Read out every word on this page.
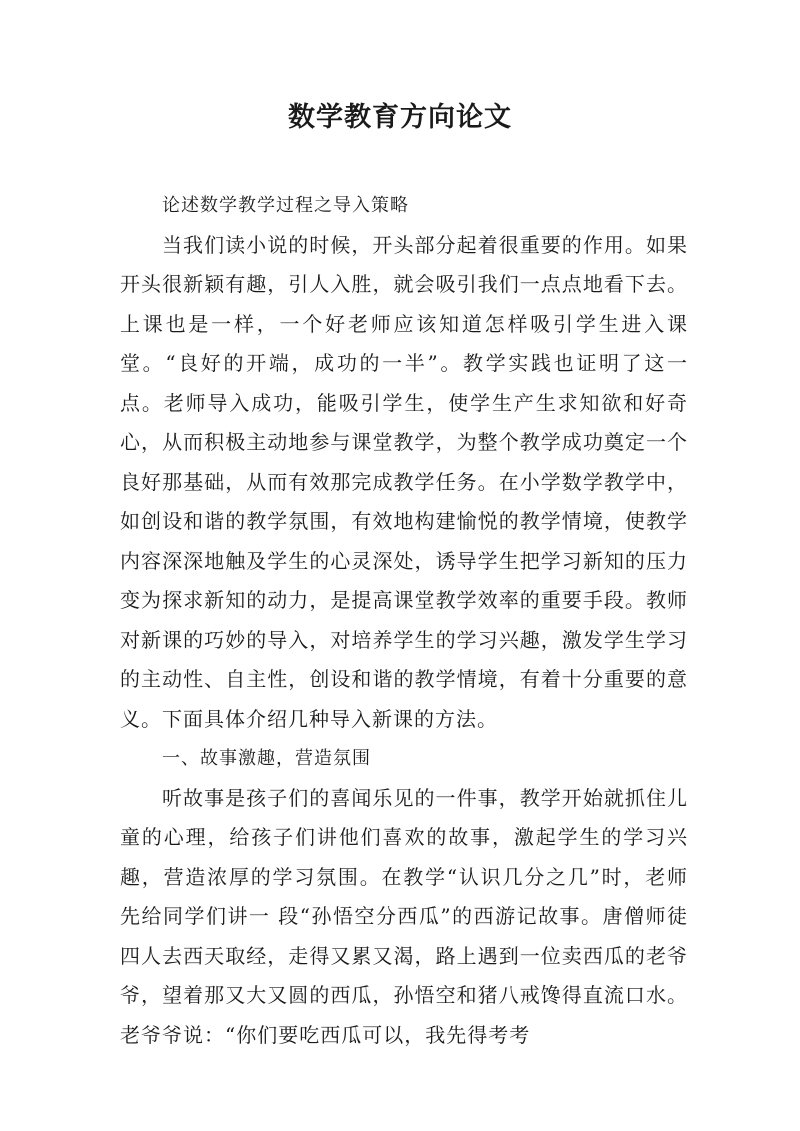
数学教育方向论文

论述数学教学过程之导入策略

当我们读小说的时候，开头部分起着很重要的作用。如果开头很新颖有趣，引人入胜，就会吸引我们一点点地看下去。上课也是一样，一个好老师应该知道怎样吸引学生进入课堂。“良好的开端，成功的一半”。教学实践也证明了这一点。老师导入成功，能吸引学生，使学生产生求知欲和好奇心，从而积极主动地参与课堂教学，为整个教学成功奠定一个良好那基础，从而有效那完成教学任务。在小学数学教学中，如创设和谐的教学氛围，有效地构建愉悦的教学情境，使教学内容深深地触及学生的心灵深处，诱导学生把学习新知的压力变为探求新知的动力，是提高课堂教学效率的重要手段。教师对新课的巧妙的导入，对培养学生的学习兴趣，激发学生学习的主动性、自主性，创设和谐的教学情境，有着十分重要的意义。下面具体介绍几种导入新课的方法。

一、故事激趣，营造氛围

听故事是孩子们的喜闻乐见的一件事，教学开始就抓住儿童的心理，给孩子们讲他们喜欢的故事，激起学生的学习兴趣，营造浓厚的学习氛围。在教学“认识几分之几”时，老师先给同学们讲一 段“孙悟空分西瓜”的西游记故事。唐僧师徒四人去西天取经，走得又累又渴，路上遇到一位卖西瓜的老爷爷，望着那又大又圆的西瓜，孙悟空和猪八戒馋得直流口水。老爷爷说：“你们要吃西瓜可以，我先得考考
